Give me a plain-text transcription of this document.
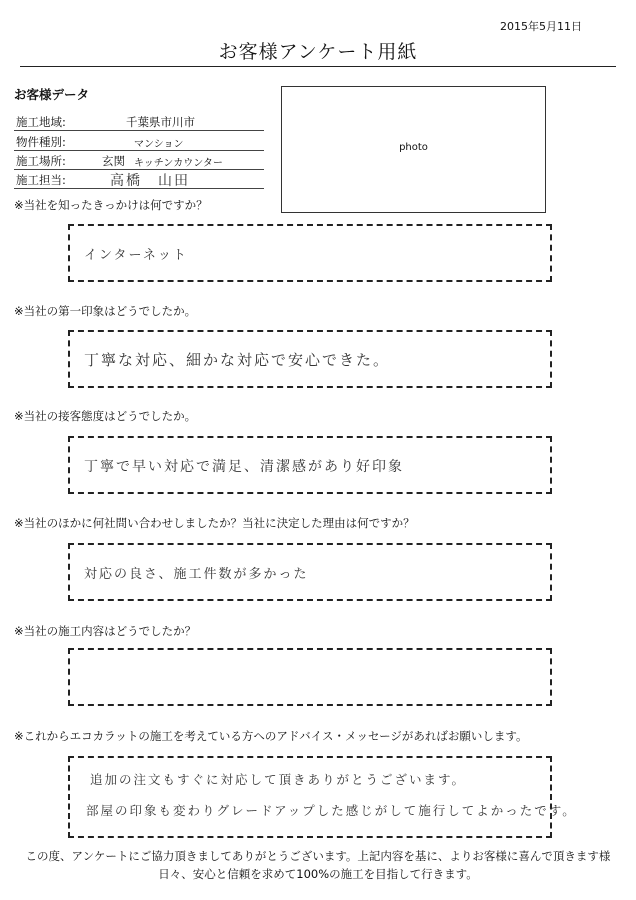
2015年5月11日
お客様アンケート用紙
お客様データ
施工地域:	千葉県市川市
物件種別:	マンション
施工場所:	玄関 キッチンカウンター
施工担当:	高橋　山田
photo
※当社を知ったきっかけは何ですか？
インターネット
※当社の第一印象はどうでしたか。
丁寧な対応、細かな対応で安心できた。
※当社の接客態度はどうでしたか。
丁寧で早い対応で満足、清潔感があり好印象
※当社のほかに何社問い合わせしましたか？当社に決定した理由は何ですか？
対応の良さ、施工件数が多かった
※当社の施工内容はどうでしたか？
※これからエコカラットの施工を考えている方へのアドバイス・メッセージがあればお願いします。
追加の注文もすぐに対応して頂きありがとうございます。
部屋の印象も変わりグレードアップした感じがして施行してよかったです。
この度、アンケートにご協力頂きましてありがとうございます。上記内容を基に、よりお客様に喜んで頂きます様
日々、安心と信頼を求めて100%の施工を目指して行きます。
